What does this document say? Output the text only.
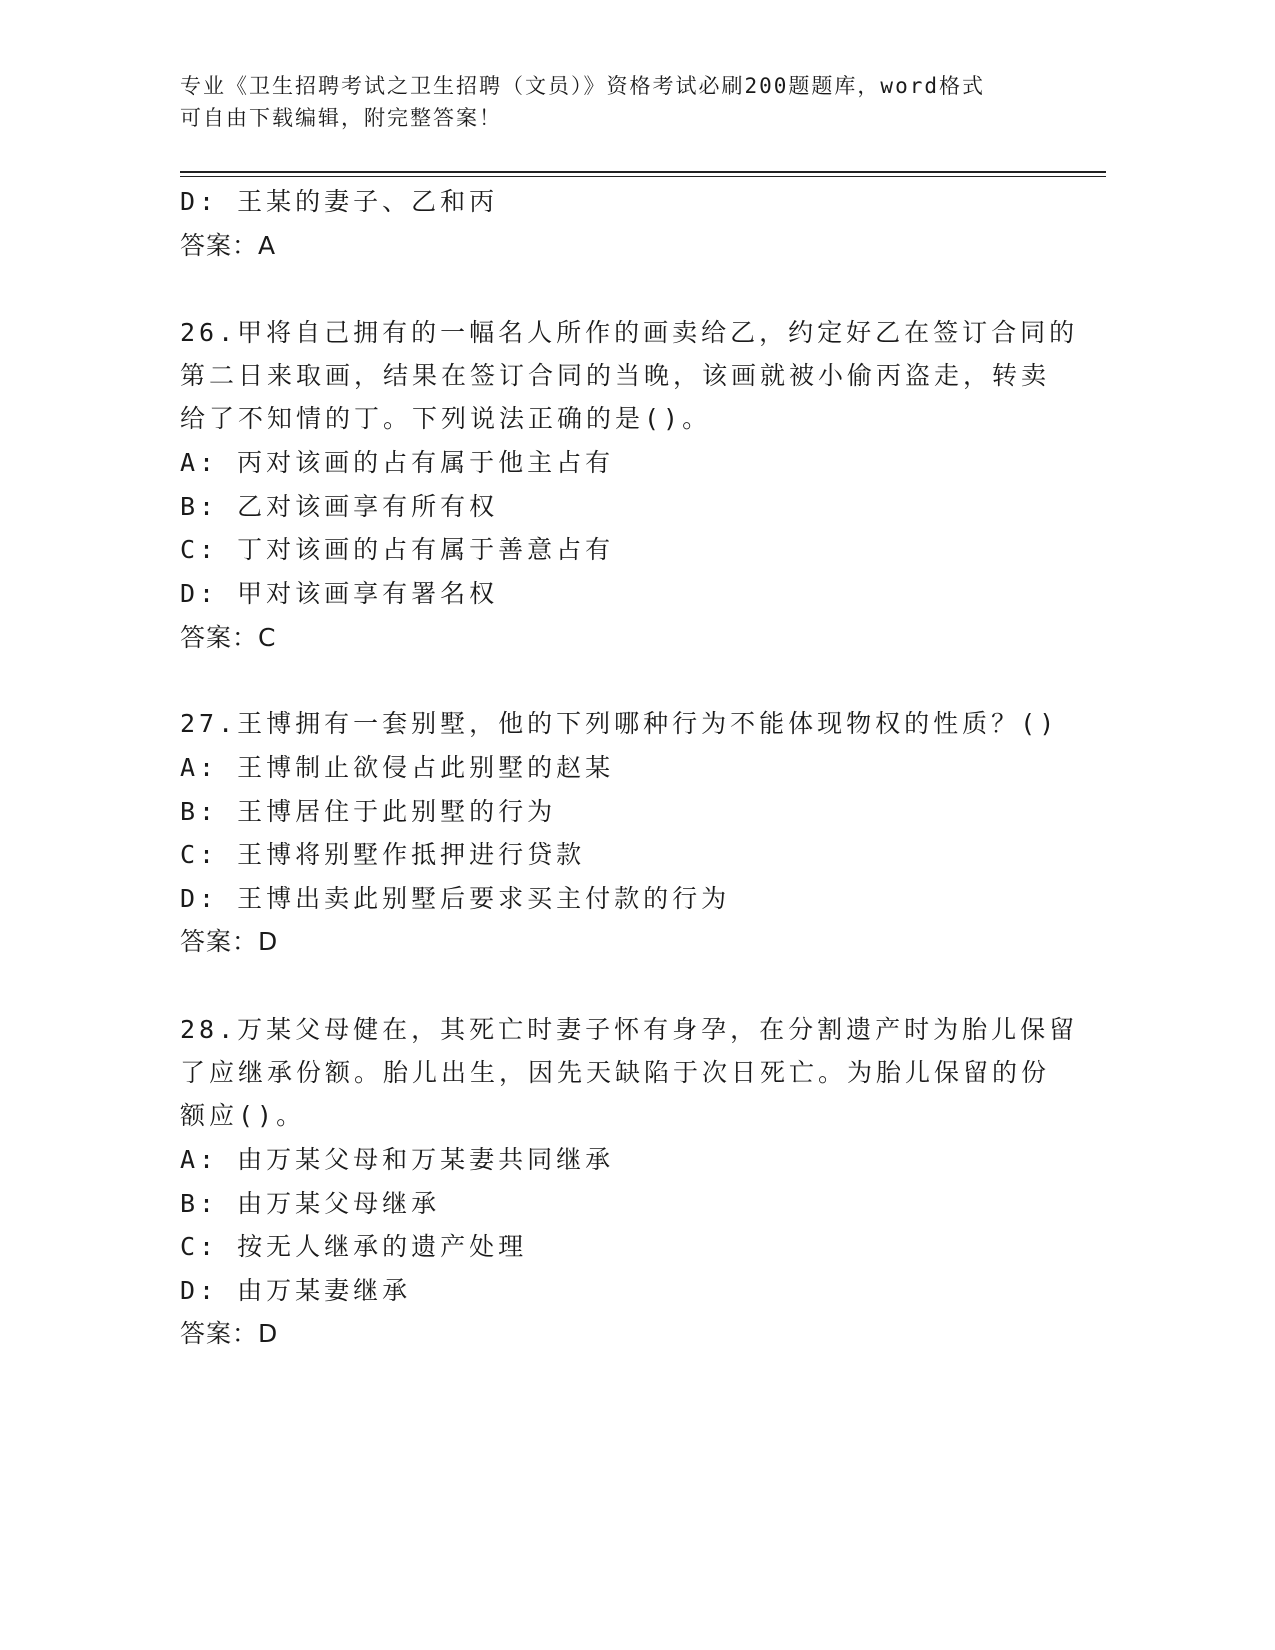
专业《卫生招聘考试之卫生招聘（文员）》资格考试必刷200题题库，word格式
可自由下载编辑，附完整答案！
D: 王某的妻子、乙和丙
答案：A
26.甲将自己拥有的一幅名人所作的画卖给乙，约定好乙在签订合同的
第二日来取画，结果在签订合同的当晚，该画就被小偷丙盗走，转卖
给了不知情的丁。下列说法正确的是()。
A: 丙对该画的占有属于他主占有
B: 乙对该画享有所有权
C: 丁对该画的占有属于善意占有
D: 甲对该画享有署名权
答案：C
27.王博拥有一套别墅，他的下列哪种行为不能体现物权的性质？()
A: 王博制止欲侵占此别墅的赵某
B: 王博居住于此别墅的行为
C: 王博将别墅作抵押进行贷款
D: 王博出卖此别墅后要求买主付款的行为
答案：D
28.万某父母健在，其死亡时妻子怀有身孕，在分割遗产时为胎儿保留
了应继承份额。胎儿出生，因先天缺陷于次日死亡。为胎儿保留的份
额应()。
A: 由万某父母和万某妻共同继承
B: 由万某父母继承
C: 按无人继承的遗产处理
D: 由万某妻继承
答案：D
